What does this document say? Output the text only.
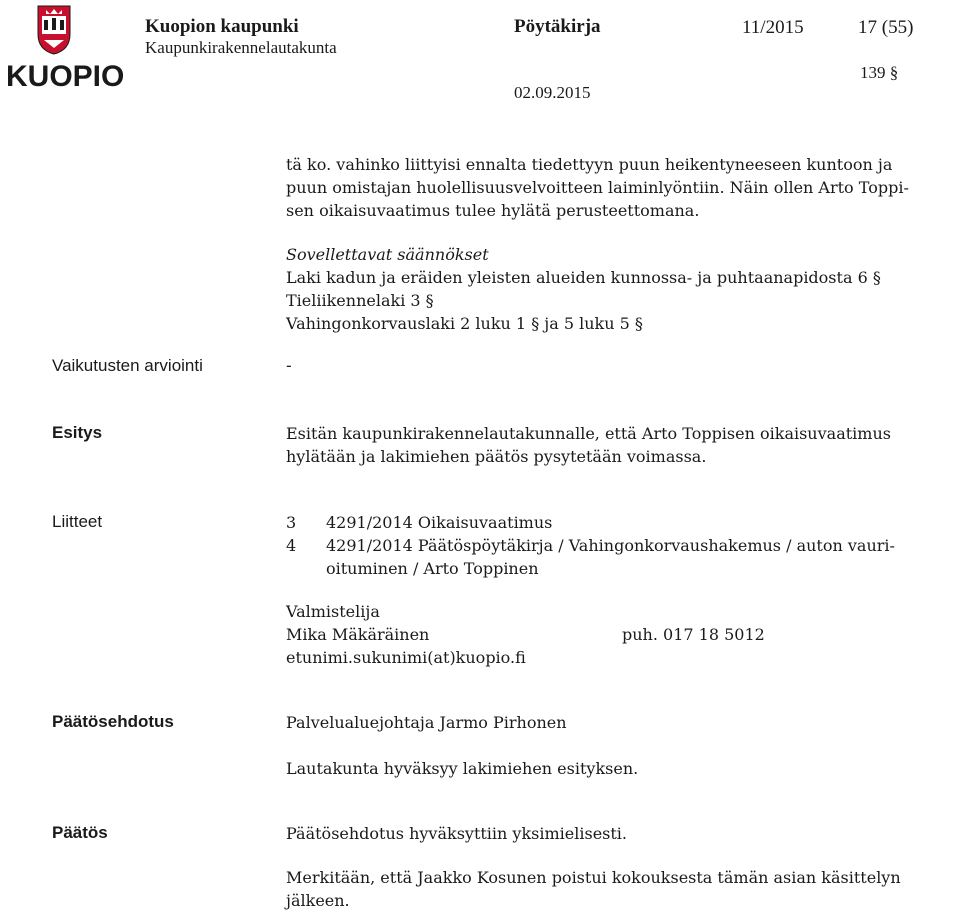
KUOPIO
Kuopion kaupunki
Kaupunkirakennelautakunta
Pöytäkirja	11/2015	17 (55)
139 §
02.09.2015
tä ko. vahinko liittyisi ennalta tiedettyyn puun heikentyneeseen kuntoon ja
puun omistajan huolellisuusvelvoitteen laiminlyöntiin. Näin ollen Arto Toppi-
sen oikaisuvaatimus tulee hylätä perusteettomana.
Sovellettavat säännökset
Laki kadun ja eräiden yleisten alueiden kunnossa- ja puhtaanapidosta 6 §
Tieliikennelaki 3 §
Vahingonkorvauslaki 2 luku 1 § ja 5 luku 5 §
Vaikutusten arviointi	-
Esitys	Esitän kaupunkirakennelautakunnalle, että Arto Toppisen oikaisuvaatimus
hylätään ja lakimiehen päätös pysytetään voimassa.
Liitteet	3 4291/2014 Oikaisuvaatimus
4 4291/2014 Päätöspöytäkirja / Vahingonkorvaushakemus / auton vauri-
oituminen / Arto Toppinen
Valmistelija
Mika Mäkäräinen	puh. 017 18 5012
etunimi.sukunimi(at)kuopio.fi
Päätösehdotus	Palvelualuejohtaja Jarmo Pirhonen
Lautakunta hyväksyy lakimiehen esityksen.
Päätös	Päätösehdotus hyväksyttiin yksimielisesti.
Merkitään, että Jaakko Kosunen poistui kokouksesta tämän asian käsittelyn
jälkeen.
